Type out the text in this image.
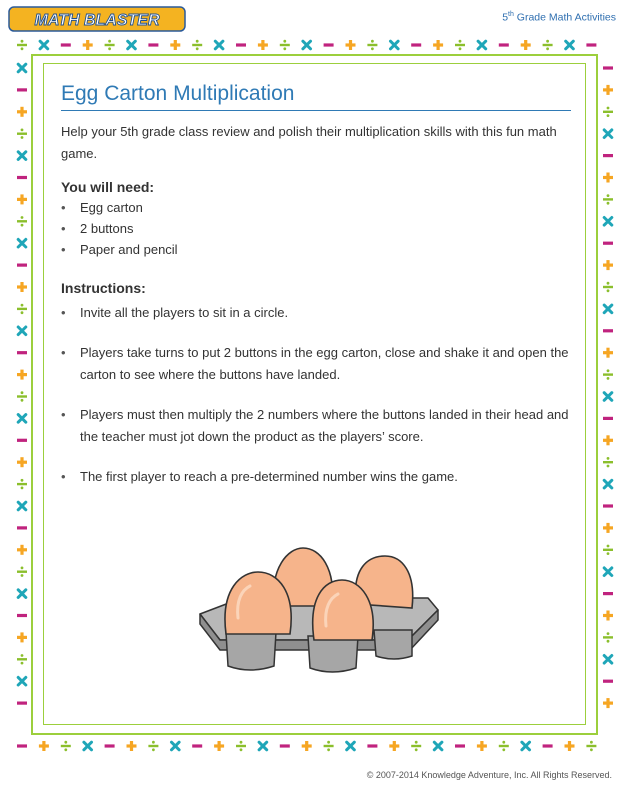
MATH BLASTER	5th Grade Math Activities
Egg Carton Multiplication
Help your 5th grade class review and polish their multiplication skills with this fun math game.
You will need:
• Egg carton
• 2 buttons
• Paper and pencil
Instructions:
• Invite all the players to sit in a circle.
• Players take turns to put 2 buttons in the egg carton, close and shake it and open the carton to see where the buttons have landed.
• Players must then multiply the 2 numbers where the buttons landed in their head and the teacher must jot down the product as the players’ score.
• The first player to reach a pre-determined number wins the game.
© 2007-2014 Knowledge Adventure, Inc. All Rights Reserved.
